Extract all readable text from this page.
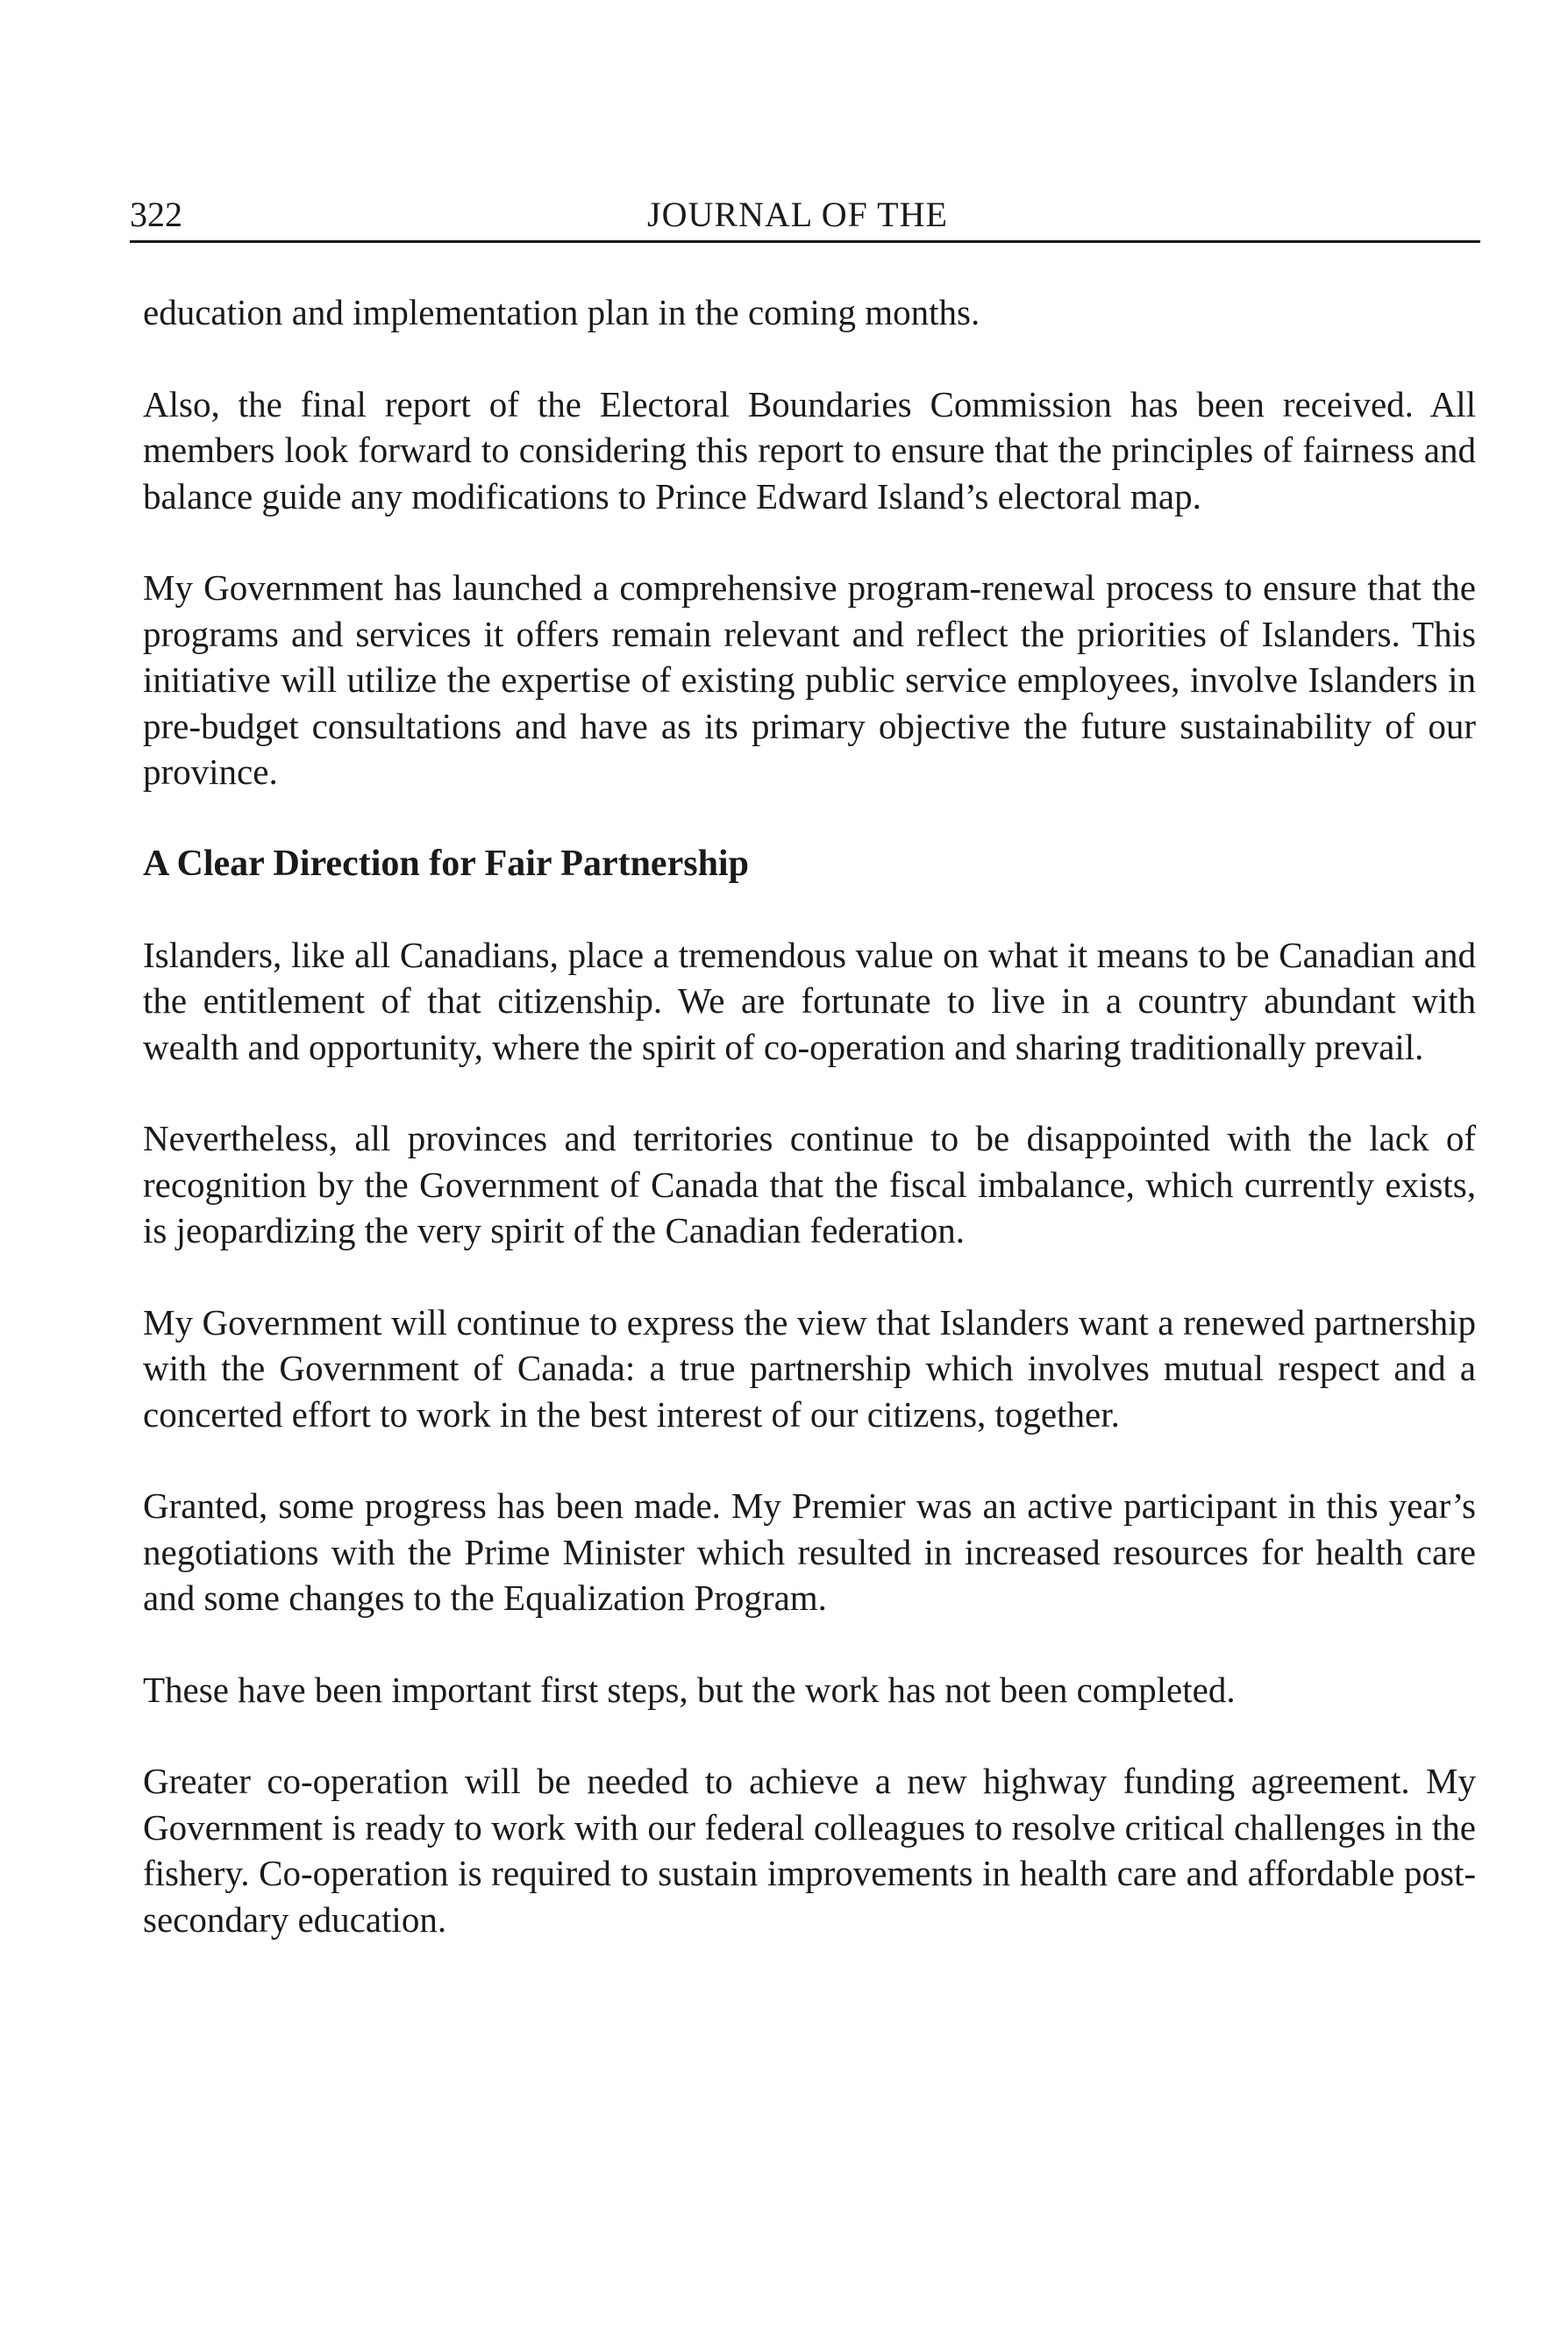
322	JOURNAL OF THE

education and implementation plan in the coming months.

Also, the final report of the Electoral Boundaries Commission has been received. All members look forward to considering this report to ensure that the principles of fairness and balance guide any modifications to Prince Edward Island’s electoral map.

My Government has launched a comprehensive program-renewal process to ensure that the programs and services it offers remain relevant and reflect the priorities of Islanders. This initiative will utilize the expertise of existing public service employees, involve Islanders in pre-budget consultations and have as its primary objective the future sustainability of our province.

A Clear Direction for Fair Partnership

Islanders, like all Canadians, place a tremendous value on what it means to be Canadian and the entitlement of that citizenship. We are fortunate to live in a country abundant with wealth and opportunity, where the spirit of co-operation and sharing traditionally prevail.

Nevertheless, all provinces and territories continue to be disappointed with the lack of recognition by the Government of Canada that the fiscal imbalance, which currently exists, is jeopardizing the very spirit of the Canadian federation.

My Government will continue to express the view that Islanders want a renewed partnership with the Government of Canada: a true partnership which involves mutual respect and a concerted effort to work in the best interest of our citizens, together.

Granted, some progress has been made. My Premier was an active participant in this year’s negotiations with the Prime Minister which resulted in increased resources for health care and some changes to the Equalization Program.

These have been important first steps, but the work has not been completed.

Greater co-operation will be needed to achieve a new highway funding agreement. My Government is ready to work with our federal colleagues to resolve critical challenges in the fishery. Co-operation is required to sustain improvements in health care and affordable post-secondary education.
